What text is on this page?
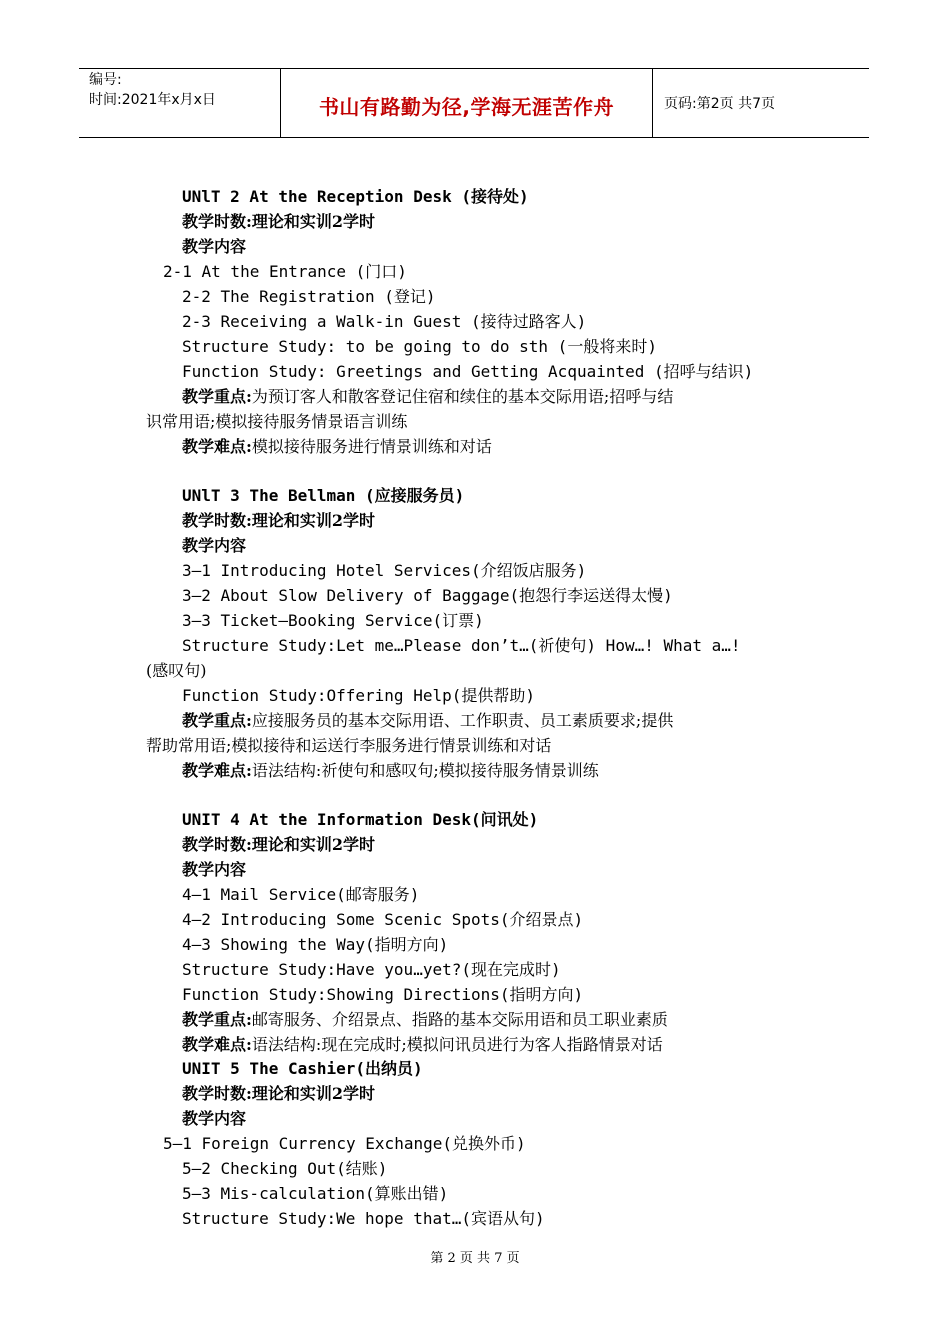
编号:
时间:2021年x月x日	书山有路勤为径,学海无涯苦作舟	页码:第2页 共7页
UNlT 2 At the Reception Desk (接待处)
教学时数:理论和实训2学时
教学内容
2-1 At the Entrance (门口)
2-2 The Registration (登记)
2-3 Receiving a Walk-in Guest (接待过路客人)
Structure Study: to be going to do sth (一般将来时)
Function Study: Greetings and Getting Acquainted (招呼与结识)
教学重点:为预订客人和散客登记住宿和续住的基本交际用语;招呼与结
识常用语;模拟接待服务情景语言训练
教学难点:模拟接待服务进行情景训练和对话
UNlT 3 The Bellman (应接服务员)
教学时数:理论和实训2学时
教学内容
3—1 Introducing Hotel Services(介绍饭店服务)
3—2 About Slow Delivery of Baggage(抱怨行李运送得太慢)
3—3 Ticket—Booking Service(订票)
Structure Study:Let me…Please don’t…(祈使句) How…! What a…!
(感叹句)
Function Study:Offering Help(提供帮助)
教学重点:应接服务员的基本交际用语、工作职责、员工素质要求;提供
帮助常用语;模拟接待和运送行李服务进行情景训练和对话
教学难点:语法结构:祈使句和感叹句;模拟接待服务情景训练
UNIT 4 At the Information Desk(问讯处)
教学时数:理论和实训2学时
教学内容
4—1 Mail Service(邮寄服务)
4—2 Introducing Some Scenic Spots(介绍景点)
4—3 Showing the Way(指明方向)
Structure Study:Have you…yet?(现在完成时)
Function Study:Showing Directions(指明方向)
教学重点:邮寄服务、介绍景点、指路的基本交际用语和员工职业素质
教学难点:语法结构:现在完成时;模拟问讯员进行为客人指路情景对话
UNIT 5 The Cashier(出纳员)
教学时数:理论和实训2学时
教学内容
5—1 Foreign Currency Exchange(兑换外币)
5—2 Checking Out(结账)
5—3 Mis-calculation(算账出错)
Structure Study:We hope that…(宾语从句)
第 2 页 共 7 页
